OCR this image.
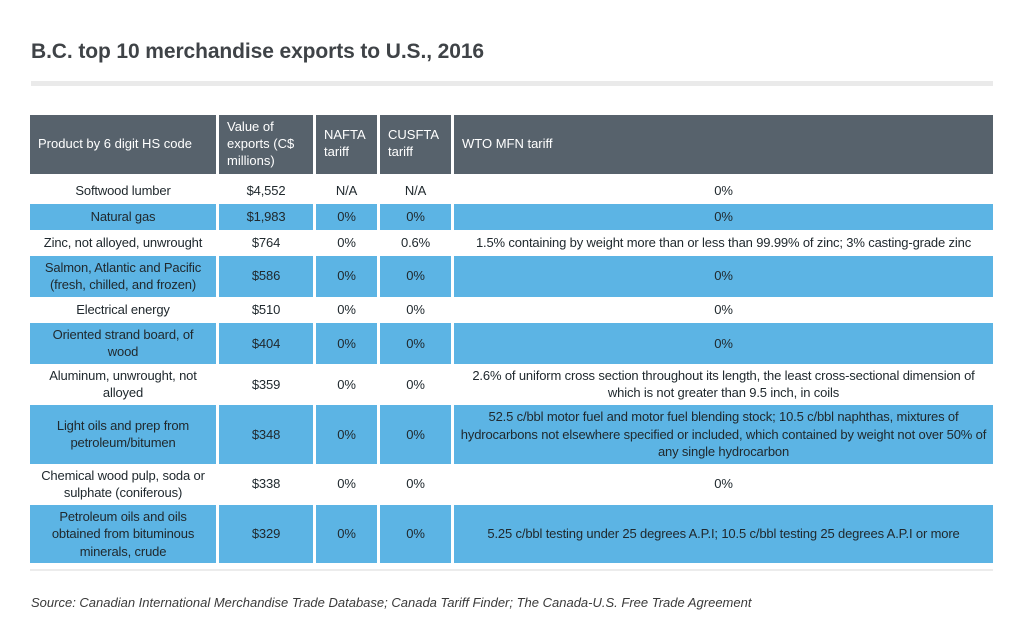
B.C. top 10 merchandise exports to U.S., 2016
Product by 6 digit HS code	Value of exports (C$ millions)	NAFTA tariff	CUSFTA tariff	WTO MFN tariff
Softwood lumber	$4,552	N/A	N/A	0%
Natural gas	$1,983	0%	0%	0%
Zinc, not alloyed, unwrought	$764	0%	0.6%	1.5% containing by weight more than or less than 99.99% of zinc; 3% casting-grade zinc
Salmon, Atlantic and Pacific (fresh, chilled, and frozen)	$586	0%	0%	0%
Electrical energy	$510	0%	0%	0%
Oriented strand board, of wood	$404	0%	0%	0%
Aluminum, unwrought, not alloyed	$359	0%	0%	2.6% of uniform cross section throughout its length, the least cross-sectional dimension of which is not greater than 9.5 inch, in coils
Light oils and prep from petroleum/bitumen	$348	0%	0%	52.5 c/bbl motor fuel and motor fuel blending stock; 10.5 c/bbl naphthas, mixtures of hydrocarbons not elsewhere specified or included, which contained by weight not over 50% of any single hydrocarbon
Chemical wood pulp, soda or sulphate (coniferous)	$338	0%	0%	0%
Petroleum oils and oils obtained from bituminous minerals, crude	$329	0%	0%	5.25 c/bbl testing under 25 degrees A.P.I; 10.5 c/bbl testing 25 degrees A.P.I or more

Source: Canadian International Merchandise Trade Database; Canada Tariff Finder; The Canada-U.S. Free Trade Agreement
